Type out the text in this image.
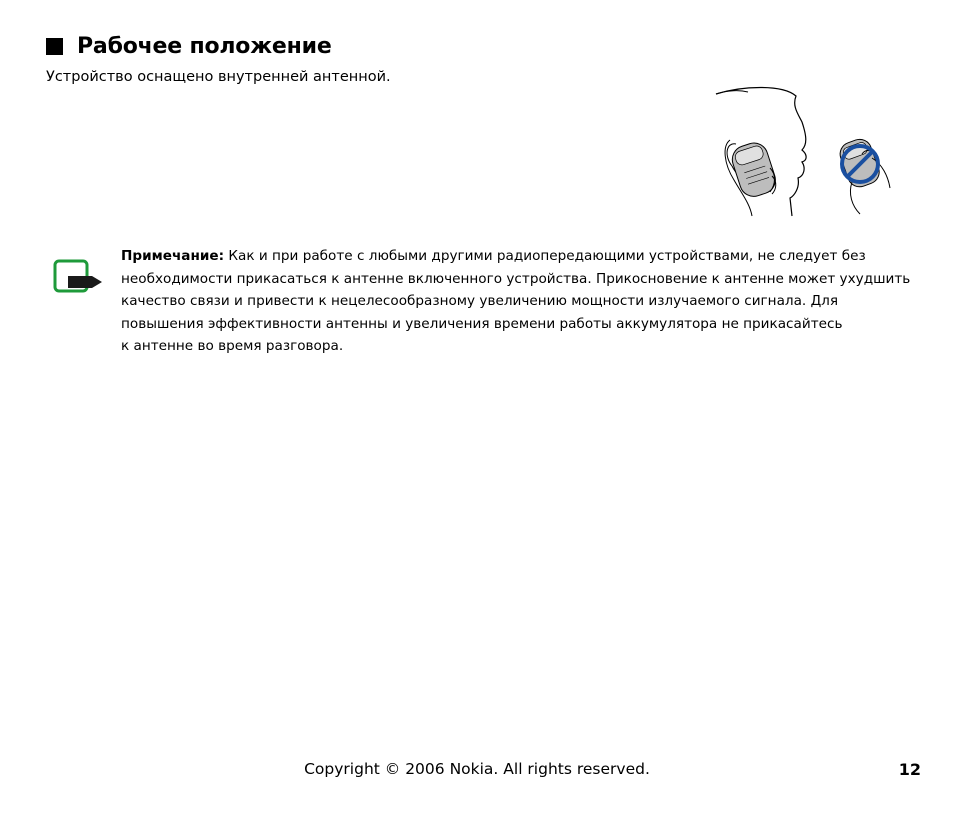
Рабочее положение
Устройство оснащено внутренней антенной.
Примечание: Как и при работе с любыми другими радиопередающими устройствами, не следует без
необходимости прикасаться к антенне включенного устройства. Прикосновение к антенне может ухудшить
качество связи и привести к нецелесообразному увеличению мощности излучаемого сигнала. Для
повышения эффективности антенны и увеличения времени работы аккумулятора не прикасайтесь
к антенне во время разговора.
Copyright © 2006 Nokia. All rights reserved.	12
